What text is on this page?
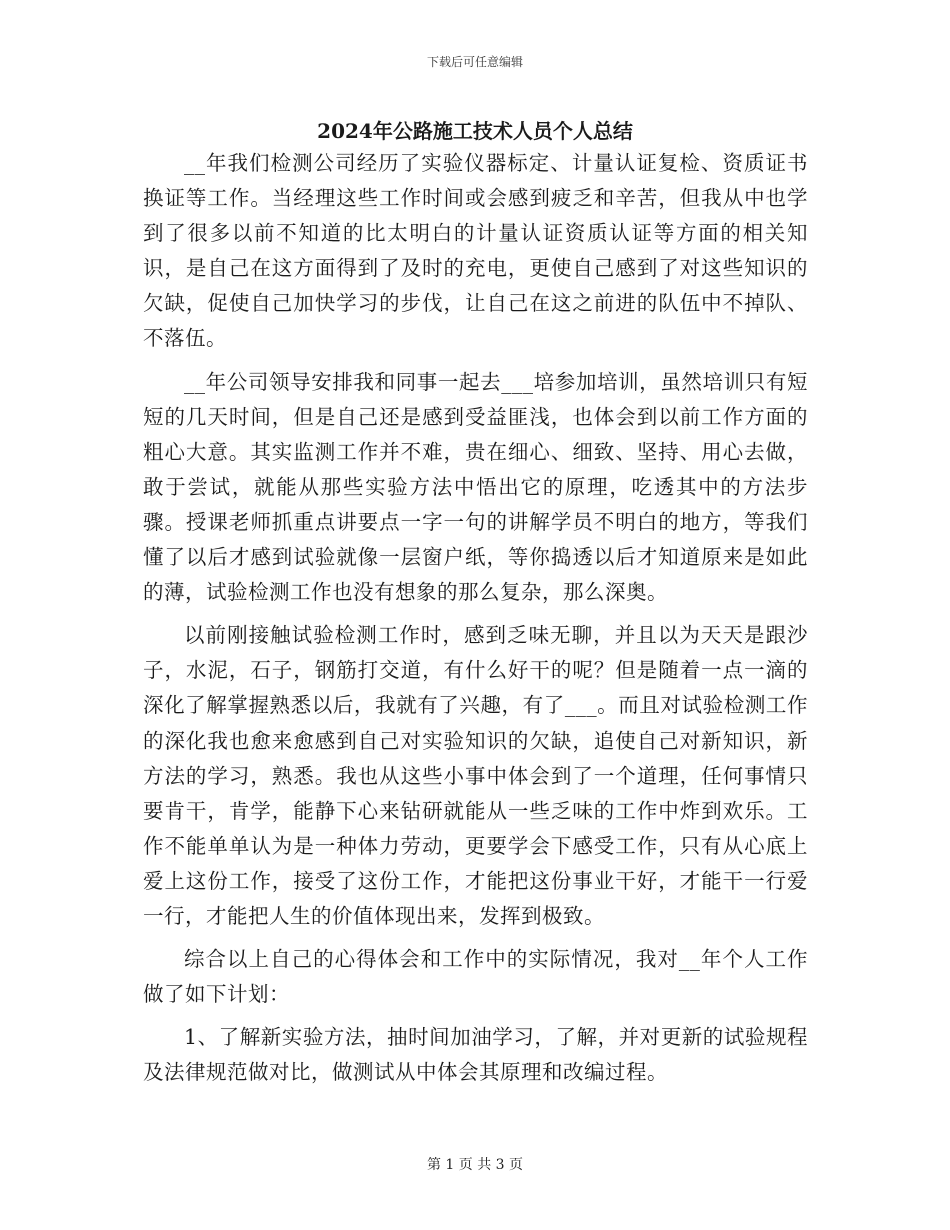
下载后可任意编辑
2024年公路施工技术人员个人总结

__年我们检测公司经历了实验仪器标定、计量认证复检、资质证书换证等工作。当经理这些工作时间或会感到疲乏和辛苦，但我从中也学到了很多以前不知道的比太明白的计量认证资质认证等方面的相关知识，是自己在这方面得到了及时的充电，更使自己感到了对这些知识的欠缺，促使自己加快学习的步伐，让自己在这之前进的队伍中不掉队、不落伍。

__年公司领导安排我和同事一起去___培参加培训，虽然培训只有短短的几天时间，但是自己还是感到受益匪浅，也体会到以前工作方面的粗心大意。其实监测工作并不难，贵在细心、细致、坚持、用心去做，敢于尝试，就能从那些实验方法中悟出它的原理，吃透其中的方法步骤。授课老师抓重点讲要点一字一句的讲解学员不明白的地方，等我们懂了以后才感到试验就像一层窗户纸，等你捣透以后才知道原来是如此的薄，试验检测工作也没有想象的那么复杂，那么深奥。

以前刚接触试验检测工作时，感到乏味无聊，并且以为天天是跟沙子，水泥，石子，钢筋打交道，有什么好干的呢？但是随着一点一滴的深化了解掌握熟悉以后，我就有了兴趣，有了___。而且对试验检测工作的深化我也愈来愈感到自己对实验知识的欠缺，追使自己对新知识，新方法的学习，熟悉。我也从这些小事中体会到了一个道理，任何事情只要肯干，肯学，能静下心来钻研就能从一些乏味的工作中炸到欢乐。工作不能单单认为是一种体力劳动，更要学会下感受工作，只有从心底上爱上这份工作，接受了这份工作，才能把这份事业干好，才能干一行爱一行，才能把人生的价值体现出来，发挥到极致。

综合以上自己的心得体会和工作中的实际情况，我对__年个人工作做了如下计划：

1、了解新实验方法，抽时间加油学习，了解，并对更新的试验规程及法律规范做对比，做测试从中体会其原理和改编过程。

第 1 页 共 3 页
